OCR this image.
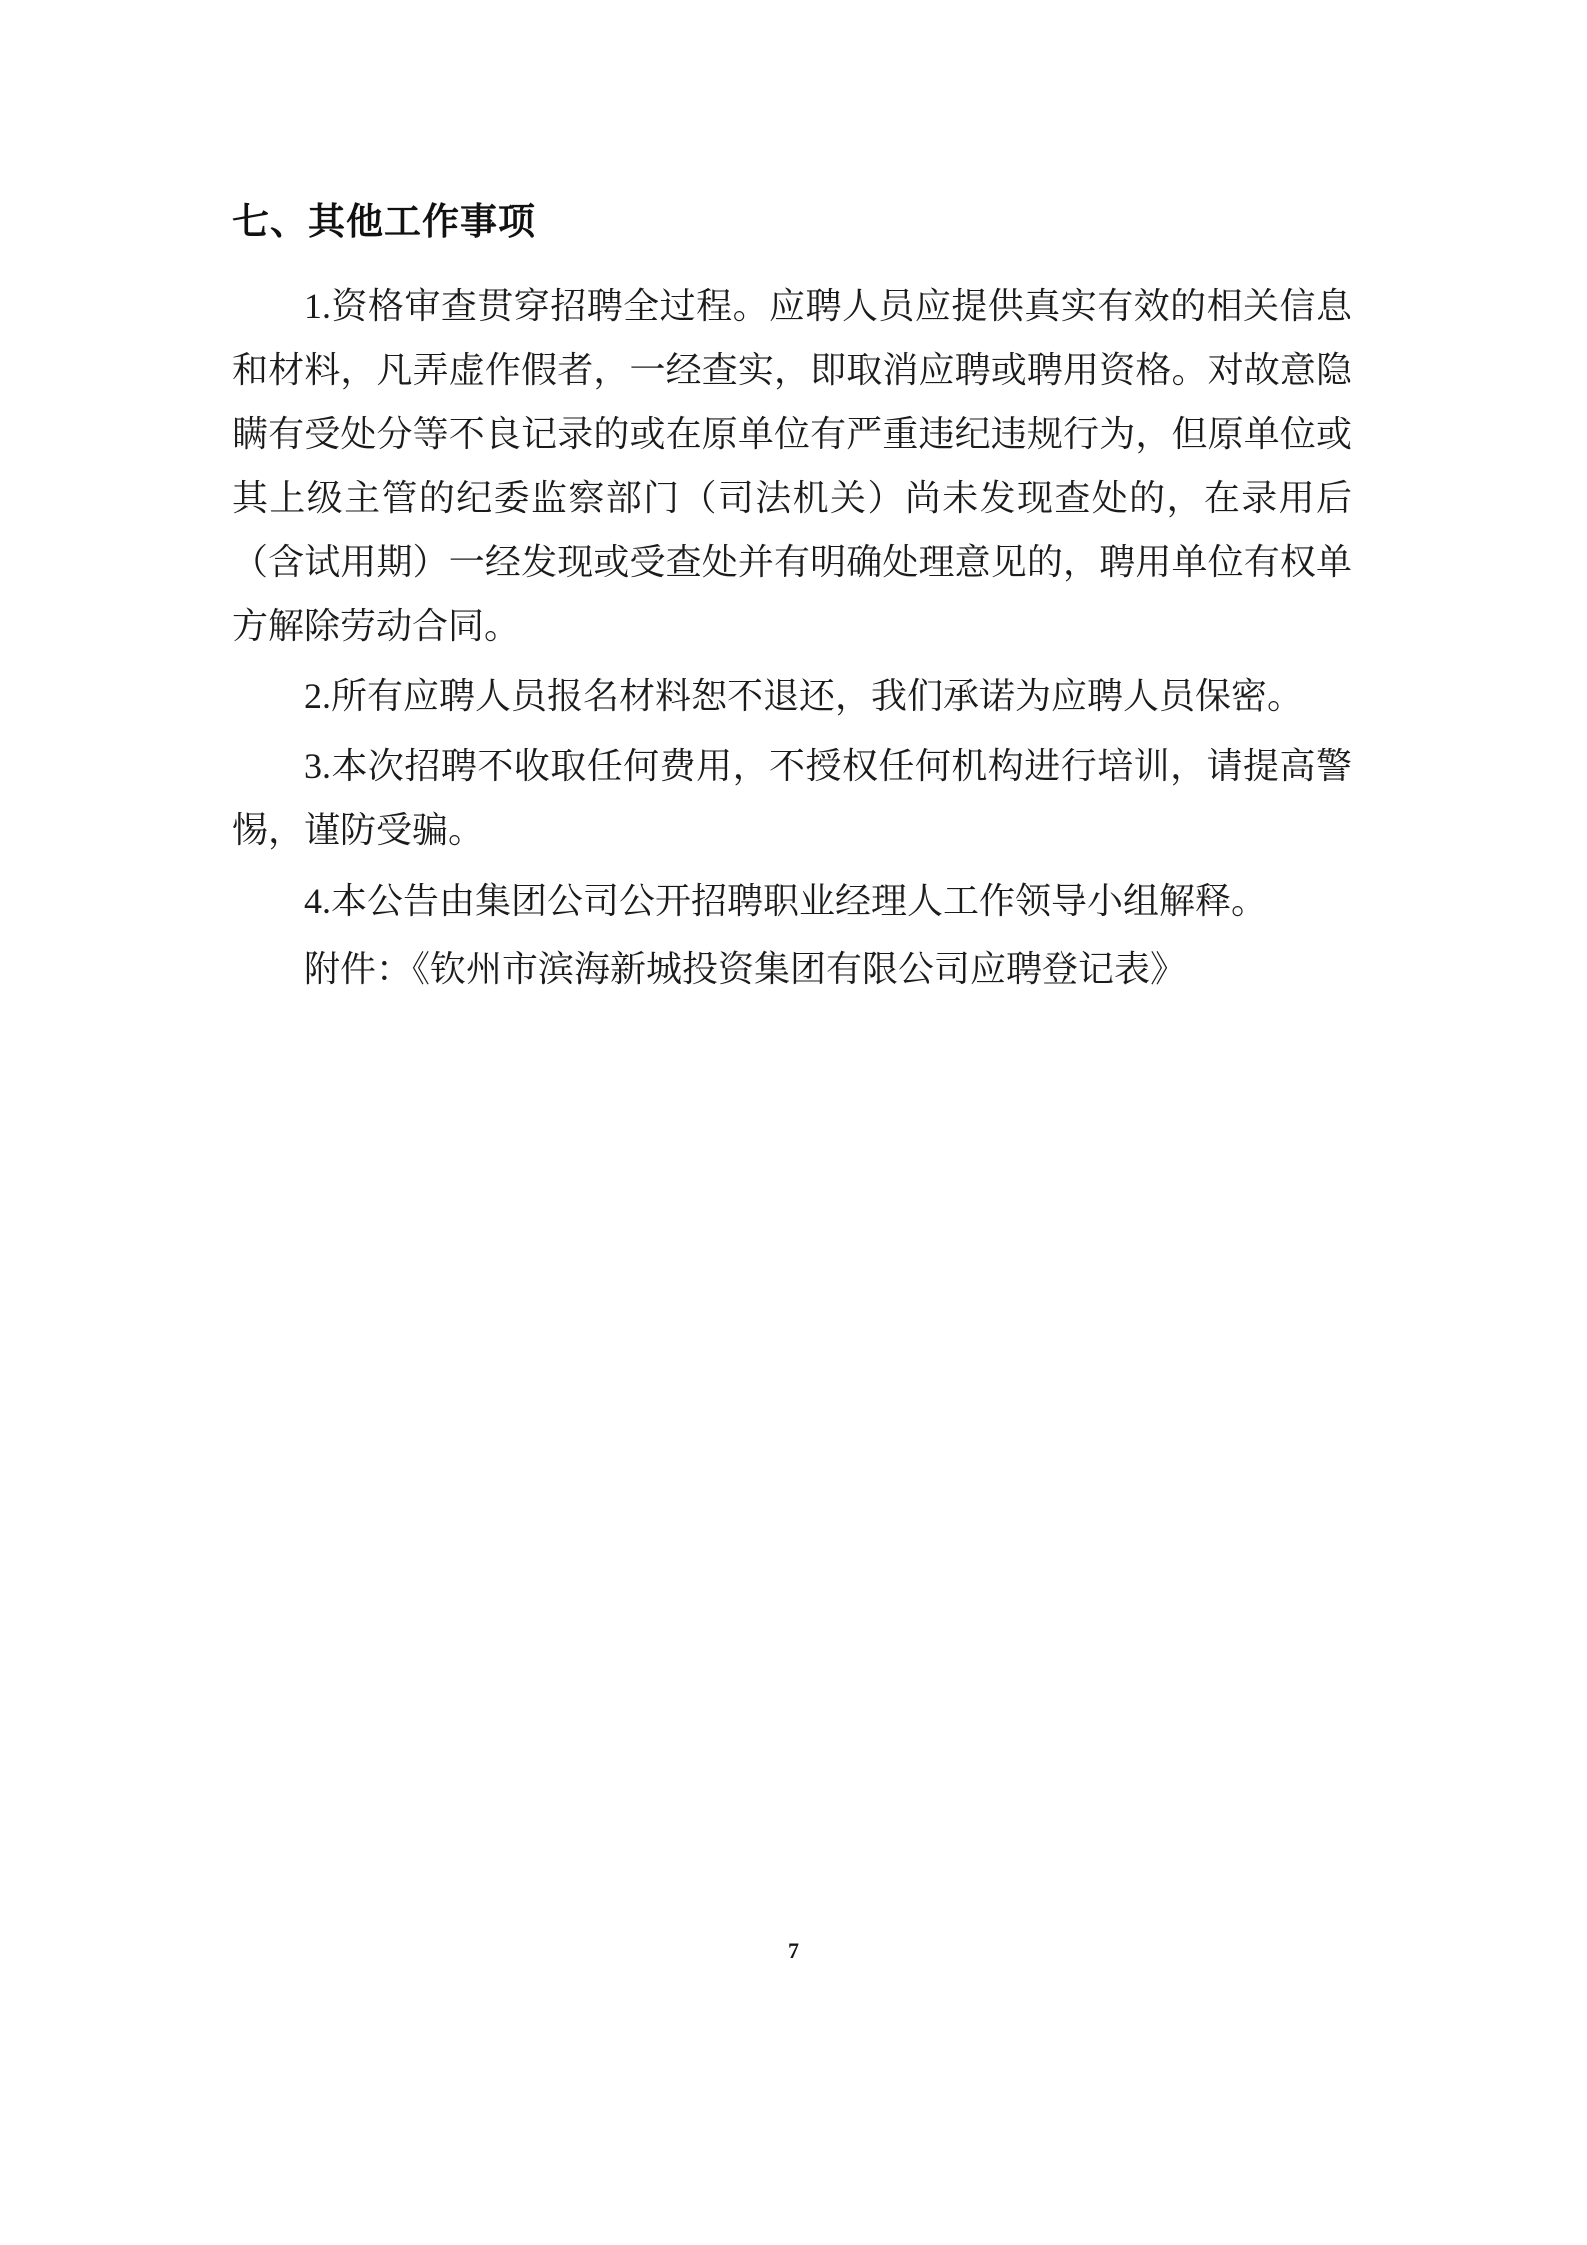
七、其他工作事项

1.资格审查贯穿招聘全过程。应聘人员应提供真实有效的相关信息和材料，凡弄虚作假者，一经查实，即取消应聘或聘用资格。对故意隐瞒有受处分等不良记录的或在原单位有严重违纪违规行为，但原单位或其上级主管的纪委监察部门（司法机关）尚未发现查处的，在录用后（含试用期）一经发现或受查处并有明确处理意见的，聘用单位有权单方解除劳动合同。

2.所有应聘人员报名材料恕不退还，我们承诺为应聘人员保密。

3.本次招聘不收取任何费用，不授权任何机构进行培训，请提高警惕，谨防受骗。

4.本公告由集团公司公开招聘职业经理人工作领导小组解释。

附件：《钦州市滨海新城投资集团有限公司应聘登记表》

7
